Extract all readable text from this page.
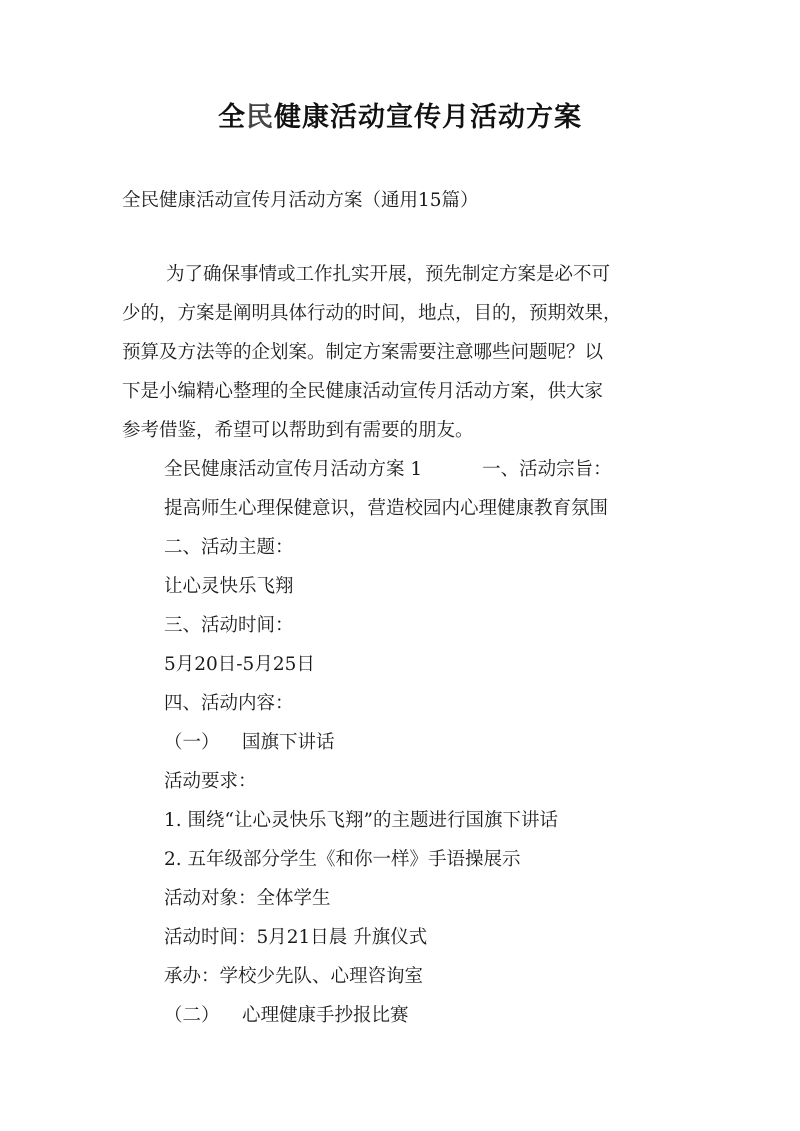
全民健康活动宣传月活动方案
全民健康活动宣传月活动方案（通用15篇）
为了确保事情或工作扎实开展，预先制定方案是必不可
少的，方案是阐明具体行动的时间，地点，目的，预期效果，
预算及方法等的企划案。制定方案需要注意哪些问题呢？以
下是小编精心整理的全民健康活动宣传月活动方案，供大家
参考借鉴，希望可以帮助到有需要的朋友。
全民健康活动宣传月活动方案 1	一、活动宗旨：
提高师生心理保健意识，营造校园内心理健康教育氛围
二、活动主题：
让心灵快乐飞翔
三、活动时间：
5月20日-5月25日
四、活动内容：
（一） 国旗下讲话
活动要求：
1. 围绕“让心灵快乐飞翔”的主题进行国旗下讲话
2. 五年级部分学生《和你一样》手语操展示
活动对象：全体学生
活动时间：5月21日晨 升旗仪式
承办：学校少先队、心理咨询室
（二） 心理健康手抄报比赛
